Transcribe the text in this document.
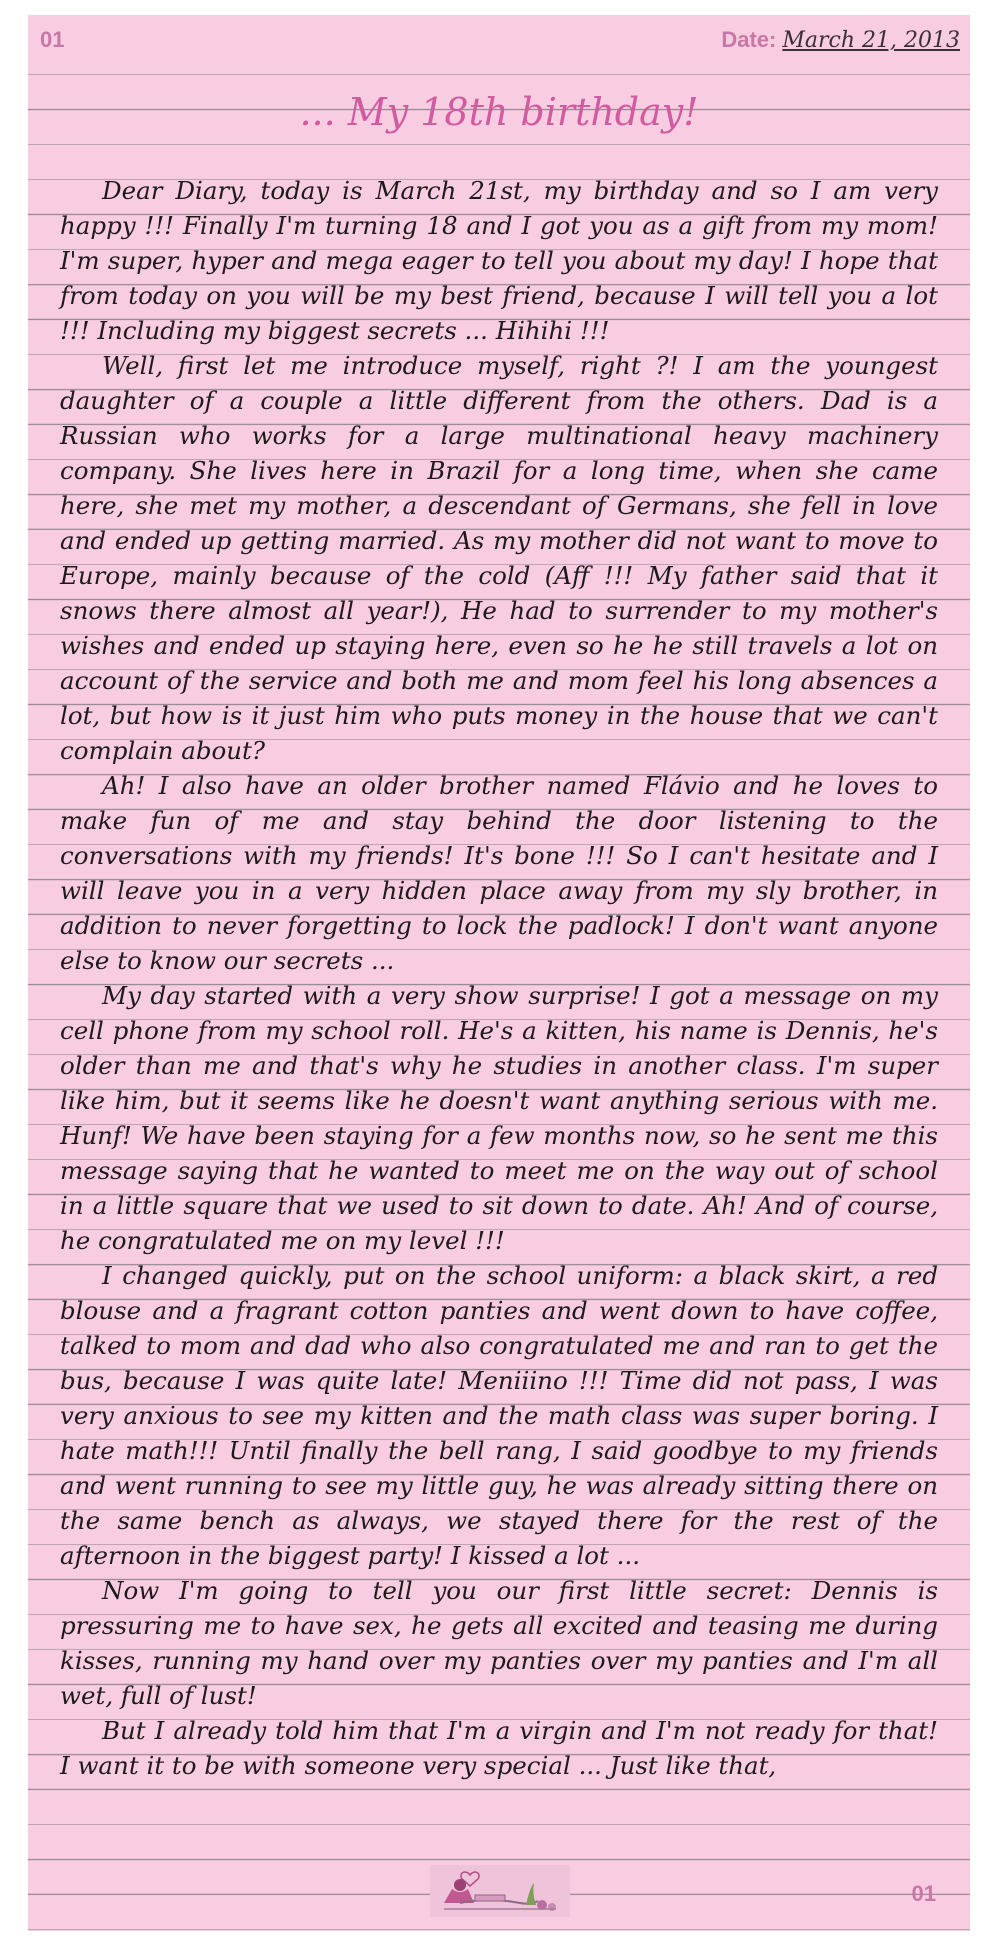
01	Date: March 21, 2013
... My 18th birthday!

Dear Diary, today is March 21st, my birthday and so I am very happy !!! Finally I'm turning 18 and I got you as a gift from my mom! I'm super, hyper and mega eager to tell you about my day! I hope that from today on you will be my best friend, because I will tell you a lot !!! Including my biggest secrets ... Hihihi !!!

Well, first let me introduce myself, right ?! I am the youngest daughter of a couple a little different from the others. Dad is a Russian who works for a large multinational heavy machinery company. She lives here in Brazil for a long time, when she came here, she met my mother, a descendant of Germans, she fell in love and ended up getting married. As my mother did not want to move to Europe, mainly because of the cold (Aff !!! My father said that it snows there almost all year!), He had to surrender to my mother's wishes and ended up staying here, even so he he still travels a lot on account of the service and both me and mom feel his long absences a lot, but how is it just him who puts money in the house that we can't complain about?

Ah! I also have an older brother named Flávio and he loves to make fun of me and stay behind the door listening to the conversations with my friends! It's bone !!! So I can't hesitate and I will leave you in a very hidden place away from my sly brother, in addition to never forgetting to lock the padlock! I don't want anyone else to know our secrets ...

My day started with a very show surprise! I got a message on my cell phone from my school roll. He's a kitten, his name is Dennis, he's older than me and that's why he studies in another class. I'm super like him, but it seems like he doesn't want anything serious with me. Hunf! We have been staying for a few months now, so he sent me this message saying that he wanted to meet me on the way out of school in a little square that we used to sit down to date. Ah! And of course, he congratulated me on my level !!!

I changed quickly, put on the school uniform: a black skirt, a red blouse and a fragrant cotton panties and went down to have coffee, talked to mom and dad who also congratulated me and ran to get the bus, because I was quite late! Meniiino !!! Time did not pass, I was very anxious to see my kitten and the math class was super boring. I hate math!!! Until finally the bell rang, I said goodbye to my friends and went running to see my little guy, he was already sitting there on the same bench as always, we stayed there for the rest of the afternoon in the biggest party! I kissed a lot ...

Now I'm going to tell you our first little secret: Dennis is pressuring me to have sex, he gets all excited and teasing me during kisses, running my hand over my panties over my panties and I'm all wet, full of lust!

But I already told him that I'm a virgin and I'm not ready for that! I want it to be with someone very special ... Just like that,

01
